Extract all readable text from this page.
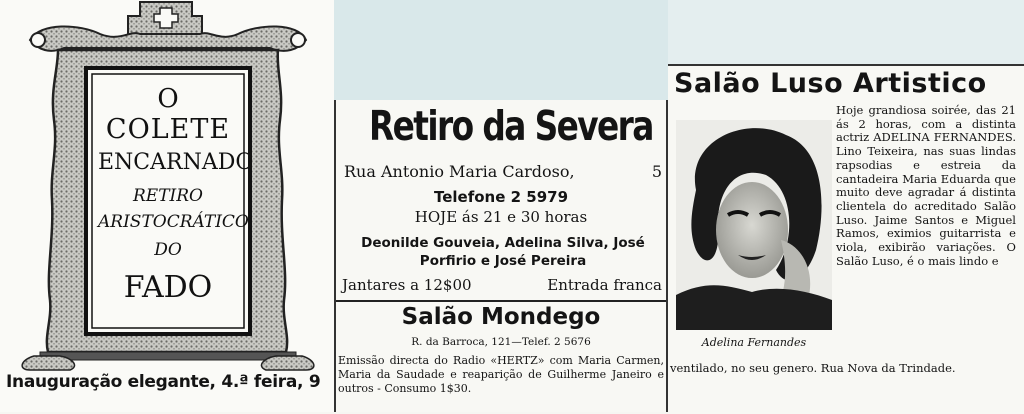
O
COLETE
ENCARNADO
RETIRO
ARISTOCRÁTICO
DO
FADO
Inauguração elegante, 4.ª feira, 9
Retiro da Severa
Rua Antonio Maria Cardoso,	5
Telefone 2 5979
HOJE ás 21 e 30 horas
Deonilde Gouveia, Adelina Silva, José Porfirio e José Pereira
Jantares a 12$00	Entrada franca
Salão Mondego
R. da Barroca, 121—Telef. 2 5676
Emissão directa do Radio «HERTZ» com Maria Carmen, Maria da Saudade e reaparição de Guilherme Janeiro e outros - Consumo 1$30.
Salão Luso Artistico
Adelina Fernandes
Hoje grandiosa soirée, das 21 ás 2 horas, com a distinta actriz ADELINA FERNANDES. Lino Teixeira, nas suas lindas rapsodias e estreia da cantadeira Maria Eduarda que muito deve agradar á distinta clientela do acreditado Salão Luso. Jaime Santos e Miguel Ramos, eximios guitarrista e viola, exibirão variações. O Salão Luso, é o mais lindo e
ventilado, no seu genero. Rua Nova da Trindade.
